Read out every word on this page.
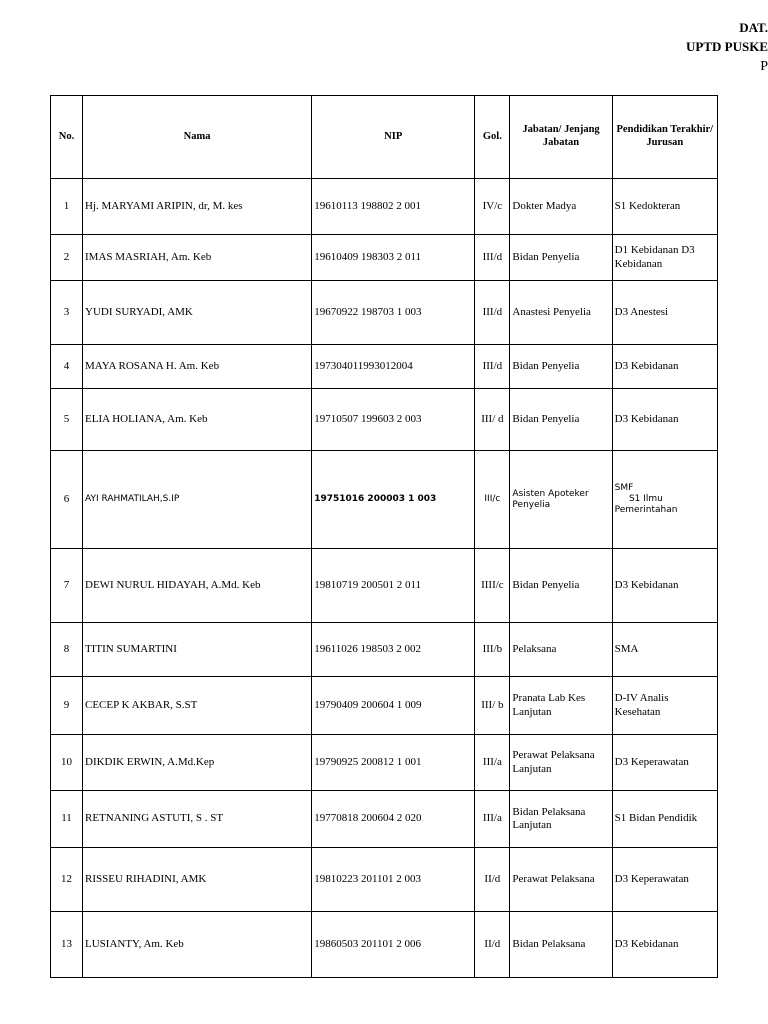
DAT.
UPTD PUSKE
P
No.	Nama	NIP	Gol.	Jabatan/ Jenjang Jabatan	Pendidikan Terakhir/ Jurusan
1	Hj. MARYAMI ARIPIN, dr, M. kes	19610113 198802 2 001	IV/c	Dokter Madya	S1 Kedokteran
2	IMAS MASRIAH, Am. Keb	19610409 198303 2 011	III/d	Bidan Penyelia	D1 Kebidanan D3 Kebidanan
3	YUDI SURYADI, AMK	19670922 198703 1 003	III/d	Anastesi Penyelia	D3 Anestesi
4	MAYA ROSANA H. Am. Keb	197304011993012004	III/d	Bidan Penyelia	D3 Kebidanan
5	ELIA HOLIANA, Am. Keb	19710507 199603 2 003	III/ d	Bidan Penyelia	D3 Kebidanan
6	AYI RAHMATILAH,S.IP	19751016 200003 1 003	III/c	Asisten Apoteker Penyelia	SMF
S1 Ilmu Pemerintahan
7	DEWI NURUL HIDAYAH, A.Md. Keb	19810719 200501 2 011	IIII/c	Bidan Penyelia	D3 Kebidanan
8	TITIN SUMARTINI	19611026 198503 2 002	III/b	Pelaksana	SMA
9	CECEP K AKBAR, S.ST	19790409 200604 1 009	III/ b	Pranata Lab Kes Lanjutan	D-IV Analis Kesehatan
10	DIKDIK ERWIN, A.Md.Kep	19790925 200812 1 001	III/a	Perawat Pelaksana Lanjutan	D3 Keperawatan
11	RETNANING ASTUTI, S . ST	19770818 200604 2 020	III/a	Bidan Pelaksana Lanjutan	S1 Bidan Pendidik
12	RISSEU RIHADINI, AMK	19810223 201101 2 003	II/d	Perawat Pelaksana	D3 Keperawatan
13	LUSIANTY, Am. Keb	19860503 201101 2 006	II/d	Bidan Pelaksana	D3 Kebidanan
